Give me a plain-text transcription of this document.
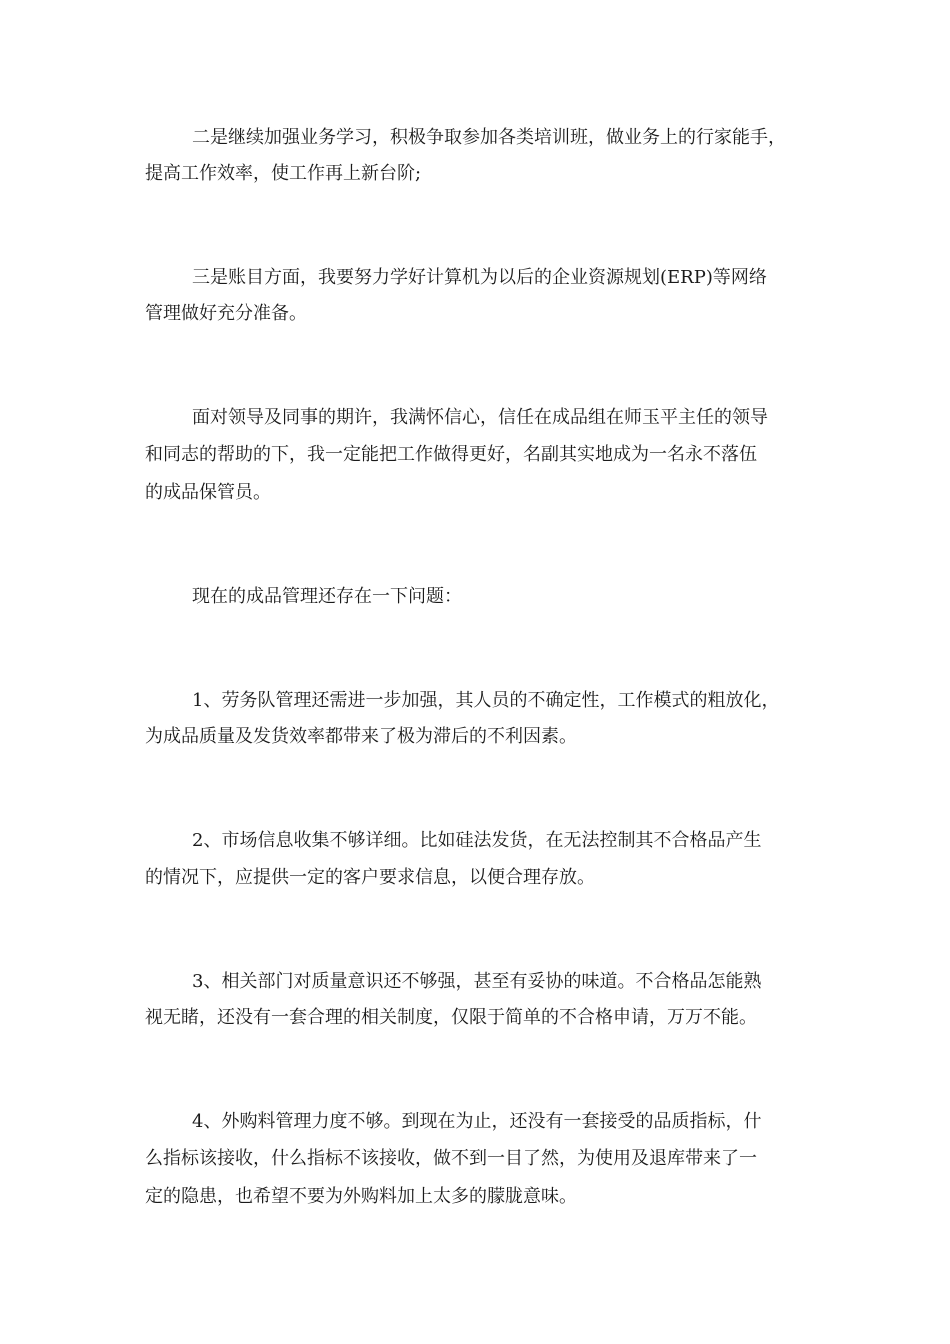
二是继续加强业务学习，积极争取参加各类培训班，做业务上的行家能手，
提高工作效率，使工作再上新台阶;
三是账目方面，我要努力学好计算机为以后的企业资源规划(ERP)等网络
管理做好充分准备。
面对领导及同事的期许，我满怀信心，信任在成品组在师玉平主任的领导
和同志的帮助的下，我一定能把工作做得更好，名副其实地成为一名永不落伍
的成品保管员。
现在的成品管理还存在一下问题：
1、劳务队管理还需进一步加强，其人员的不确定性，工作模式的粗放化，
为成品质量及发货效率都带来了极为滞后的不利因素。
2、市场信息收集不够详细。比如硅法发货，在无法控制其不合格品产生
的情况下，应提供一定的客户要求信息，以便合理存放。
3、相关部门对质量意识还不够强，甚至有妥协的味道。不合格品怎能熟
视无睹，还没有一套合理的相关制度，仅限于简单的不合格申请，万万不能。
4、外购料管理力度不够。到现在为止，还没有一套接受的品质指标，什
么指标该接收，什么指标不该接收，做不到一目了然，为使用及退库带来了一
定的隐患，也希望不要为外购料加上太多的朦胧意味。
